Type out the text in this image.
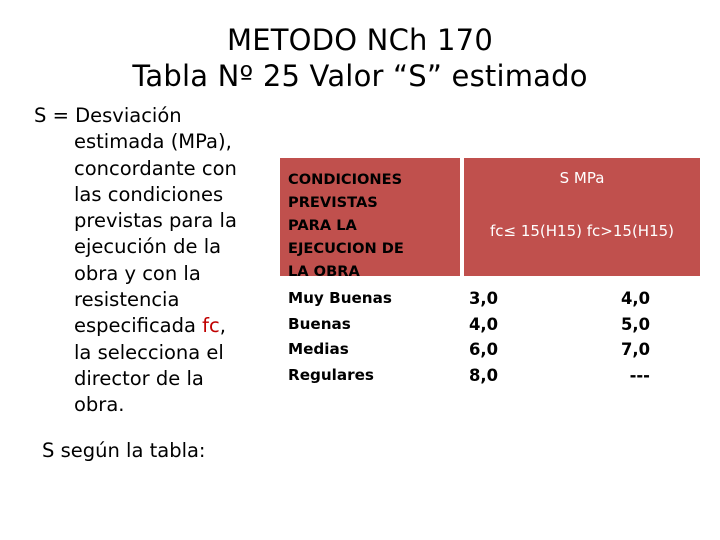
METODO NCh 170
Tabla Nº 25 Valor “S” estimado
S = Desviación
estimada (MPa),
concordante con
las condiciones
previstas para la
ejecución de la
obra y con la
resistencia
especificada fc,
la selecciona el
director de la
obra.
S según la tabla:
CONDICIONES
PREVISTAS
PARA LA
EJECUCION DE
LA OBRA
S MPa
fc≤ 15(H15) fc>15(H15)
Muy Buenas
Buenas
Medias
Regulares
3,0
4,0
6,0
8,0
4,0
5,0
7,0
---
